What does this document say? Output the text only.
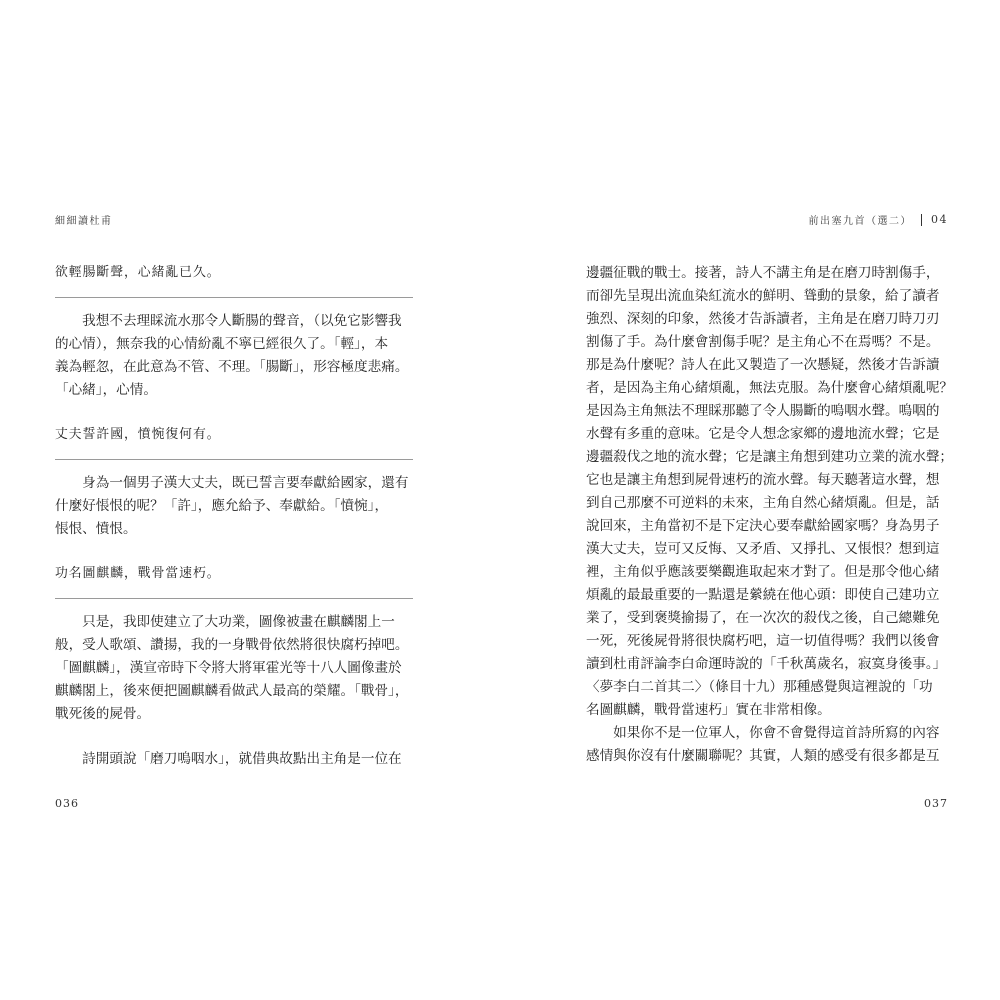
細細讀杜甫
欲輕腸斷聲，心緒亂已久。
　　我想不去理睬流水那令人斷腸的聲音，（以免它影響我
的心情），無奈我的心情紛亂不寧已經很久了。「輕」，本
義為輕忽，在此意為不管、不理。「腸斷」，形容極度悲痛。
「心緒」，心情。
丈夫誓許國，憤惋復何有。
　　身為一個男子漢大丈夫，既已誓言要奉獻給國家，還有
什麼好悵恨的呢？「許」，應允給予、奉獻給。「憤惋」，
悵恨、憤恨。
功名圖麒麟，戰骨當速朽。
　　只是，我即使建立了大功業，圖像被畫在麒麟閣上一
般，受人歌頌、讚揚，我的一身戰骨依然將很快腐朽掉吧。
「圖麒麟」，漢宣帝時下令將大將軍霍光等十八人圖像畫於
麒麟閣上，後來便把圖麒麟看做武人最高的榮耀。「戰骨」，
戰死後的屍骨。
　　詩開頭說「磨刀嗚咽水」，就借典故點出主角是一位在
036
前出塞九首（選二） 04
邊疆征戰的戰士。接著，詩人不講主角是在磨刀時割傷手，
而卻先呈現出流血染紅流水的鮮明、聳動的景象，給了讀者
強烈、深刻的印象，然後才告訴讀者，主角是在磨刀時刀刃
割傷了手。為什麼會割傷手呢？是主角心不在焉嗎？不是。
那是為什麼呢？詩人在此又製造了一次懸疑，然後才告訴讀
者，是因為主角心緒煩亂，無法克服。為什麼會心緒煩亂呢？
是因為主角無法不理睬那聽了令人腸斷的嗚咽水聲。嗚咽的
水聲有多重的意味。它是令人想念家鄉的邊地流水聲；它是
邊疆殺伐之地的流水聲；它是讓主角想到建功立業的流水聲；
它也是讓主角想到屍骨速朽的流水聲。每天聽著這水聲，想
到自己那麼不可逆料的未來，主角自然心緒煩亂。但是，話
說回來，主角當初不是下定決心要奉獻給國家嗎？身為男子
漢大丈夫，豈可又反悔、又矛盾、又掙扎、又悵恨？想到這
裡，主角似乎應該要樂觀進取起來才對了。但是那令他心緒
煩亂的最最重要的一點還是縈繞在他心頭：即使自己建功立
業了，受到褒獎揄揚了，在一次次的殺伐之後，自己總難免
一死，死後屍骨將很快腐朽吧，這一切值得嗎？我們以後會
讀到杜甫評論李白命運時說的「千秋萬歲名，寂寞身後事。」
〈夢李白二首其二〉（條目十九）那種感覺與這裡說的「功
名圖麒麟，戰骨當速朽」實在非常相像。
　　如果你不是一位軍人，你會不會覺得這首詩所寫的內容
感情與你沒有什麼關聯呢？其實，人類的感受有很多都是互
037
